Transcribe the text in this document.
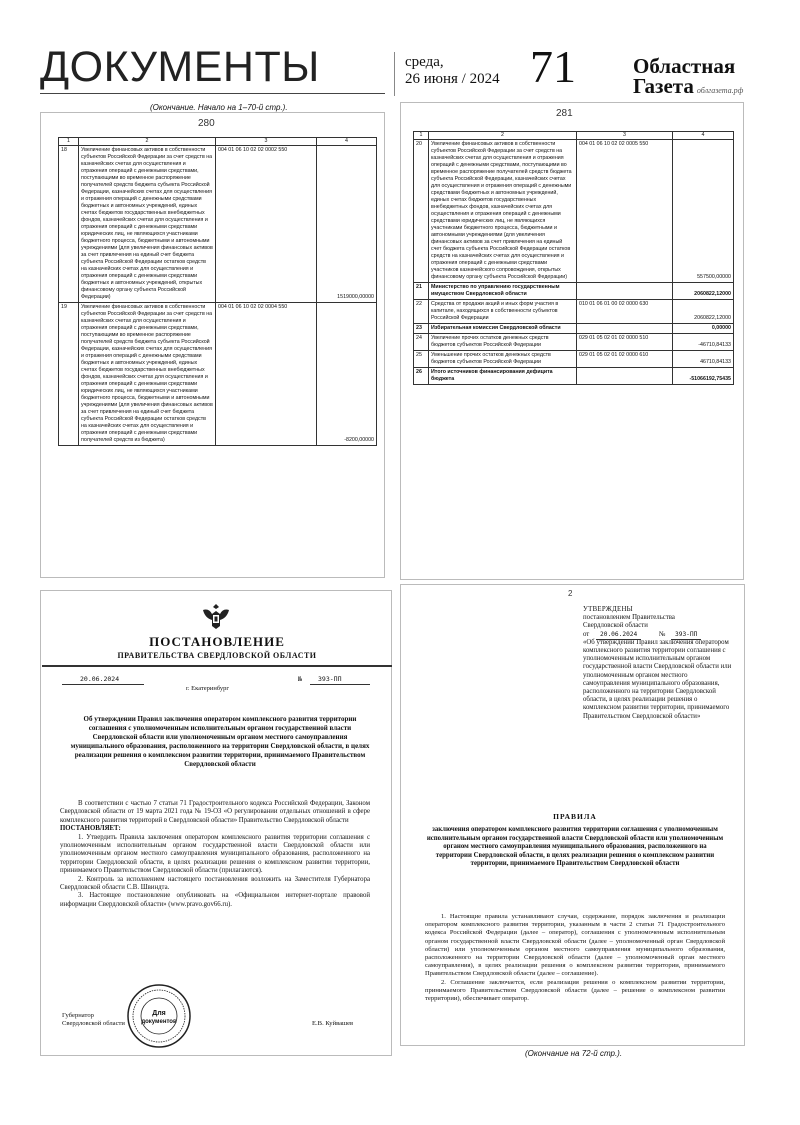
ДОКУМЕНТЫ	среда,
26 июня / 2024 71	Областная
Газета облгазета.рф
(Окончание. Начало на 1–70-й стр.).
280
1	2	3	4
18	Увеличение финансовых активов в собственности субъектов Российской Федерации за счет средств на казначейских счетах для осуществления и отражения операций с денежными средствами, поступающими во временное распоряжение получателей средств бюджета субъекта Российской Федерации, казначейских счетах для осуществления и отражения операций с денежными средствами бюджетных и автономных учреждений, единых счетах бюджетов государственных внебюджетных фондов, казначейских счетах для осуществления и отражения операций с денежными средствами юридических лиц, не являющихся участниками бюджетного процесса, бюджетными и автономными учреждениями (для увеличения финансовых активов за счет привлечения на единый счет бюджета субъекта Российской Федерации остатков средств на казначейских счетах для осуществления и отражения операций с денежными средствами бюджетных и автономных учреждений, открытых финансовому органу субъекта Российской Федерации)	004 01 06 10 02 02 0002 550	1519000,00000
19	Увеличение финансовых активов в собственности субъектов Российской Федерации за счет средств на казначейских счетах для осуществления и отражения операций с денежными средствами, поступающими во временное распоряжение получателей средств бюджета субъекта Российской Федерации, казначейских счетах для осуществления и отражения операций с денежными средствами бюджетных и автономных учреждений, единых счетах бюджетов государственных внебюджетных фондов, казначейских счетах для осуществления и отражения операций с денежными средствами юридических лиц, не являющихся участниками бюджетного процесса, бюджетными и автономными учреждениями (для увеличения финансовых активов за счет привлечения на единый счет бюджета субъекта Российской Федерации остатков средств на казначейских счетах для осуществления и отражения операций с денежными средствами получателей средств из бюджета)	004 01 06 10 02 02 0004 550	-8200,00000
281
1	2	3	4
20	Увеличение финансовых активов в собственности субъектов Российской Федерации за счет средств на казначейских счетах для осуществления и отражения операций с денежными средствами, поступающими во временное распоряжение получателей средств бюджета субъекта Российской Федерации, казначейских счетах для осуществления и отражения операций с денежными средствами бюджетных и автономных учреждений, единых счетах бюджетов государственных внебюджетных фондов, казначейских счетах для осуществления и отражения операций с денежными средствами юридических лиц, не являющихся участниками бюджетного процесса, бюджетными и автономными учреждениями (для увеличения финансовых активов за счет привлечения на единый счет бюджета субъекта Российской Федерации остатков средств на казначейских счетах для осуществления и отражения операций с денежными средствами участников казначейского сопровождения, открытых финансовому органу субъекта Российской Федерации)	004 01 06 10 02 02 0005 550	557500,00000
21	Министерство по управлению государственным имуществом Свердловской области		2060822,12000
22	Средства от продажи акций и иных форм участия в капитале, находящихся в собственности субъектов Российской Федерации	010 01 06 01 00 02 0000 630	2060822,12000
23	Избирательная комиссия Свердловской области		0,00000
24	Увеличение прочих остатков денежных средств бюджетов субъектов Российской Федерации	029 01 05 02 01 02 0000 510	-46710,84133
25	Уменьшение прочих остатков денежных средств бюджетов субъектов Российской Федерации	029 01 05 02 01 02 0000 610	46710,84133
26	Итого источников финансирования дефицита бюджета		-51066192,75435
ПОСТАНОВЛЕНИЕ
ПРАВИТЕЛЬСТВА СВЕРДЛОВСКОЙ ОБЛАСТИ
20.06.2024	№ 393-ПП
г. Екатеринбург
Об утверждении Правил заключения оператором комплексного развития территории соглашения с уполномоченным исполнительным органом государственной власти Свердловской области или уполномоченным органом местного самоуправления муниципального образования, расположенного на территории Свердловской области, в целях реализации решения о комплексном развитии территории, принимаемого Правительством Свердловской области

В соответствии с частью 7 статьи 71 Градостроительного кодекса Российской Федерации, Законом Свердловской области от 19 марта 2021 года № 19-ОЗ «О регулировании отдельных отношений в сфере комплексного развития территорий в Свердловской области» Правительство Свердловской области

ПОСТАНОВЛЯЕТ:

1. Утвердить Правила заключения оператором комплексного развития территории соглашения с уполномоченным исполнительным органом государственной власти Свердловской области или уполномоченным органом местного самоуправления муниципального образования, расположенного на территории Свердловской области, в целях реализации решения о комплексном развитии территории, принимаемого Правительством Свердловской области (прилагаются).

2. Контроль за исполнением настоящего постановления возложить на Заместителя Губернатора Свердловской области С.В. Швиндта.

3. Настоящее постановление опубликовать на «Официальном интернет-портале правовой информации Свердловской области» (www.pravo.gov66.ru).

Губернатор
Свердловской области	Е.В. Куйвашев
Для
документов
2
УТВЕРЖДЕНЫ
постановлением Правительства
Свердловской области
от	20.06.2024	№	393-ПП
«Об утверждении Правил заключения оператором комплексного развития территории соглашения с уполномоченным исполнительным органом государственной власти Свердловской области или уполномоченным органом местного самоуправления муниципального образования, расположенного на территории Свердловской области, в целях реализации решения о комплексном развитии территории, принимаемого Правительством Свердловской области»
ПРАВИЛА
заключения оператором комплексного развития территории соглашения с уполномоченным исполнительным органом государственной власти Свердловской области или уполномоченным органом местного самоуправления муниципального образования, расположенного на территории Свердловской области, в целях реализации решения о комплексном развитии территории, принимаемого Правительством Свердловской области

1. Настоящие правила устанавливают случаи, содержание, порядок заключения и реализации оператором комплексного развития территории, указанным в части 2 статьи 71 Градостроительного кодекса Российской Федерации (далее – оператор), соглашения с уполномоченным исполнительным органом государственной власти Свердловской области (далее – уполномоченный орган Свердловской области) или уполномоченным органом местного самоуправления муниципального образования, расположенного на территории Свердловской области (далее – уполномоченный орган местного самоуправления), в целях реализации решения о комплексном развитии территории, принимаемого Правительством Свердловской области (далее – соглашение).

2. Соглашение заключается, если реализация решения о комплексном развитии территории, принимаемого Правительством Свердловской области (далее – решение о комплексном развитии территории), обеспечивает оператор.

(Окончание на 72-й стр.).
